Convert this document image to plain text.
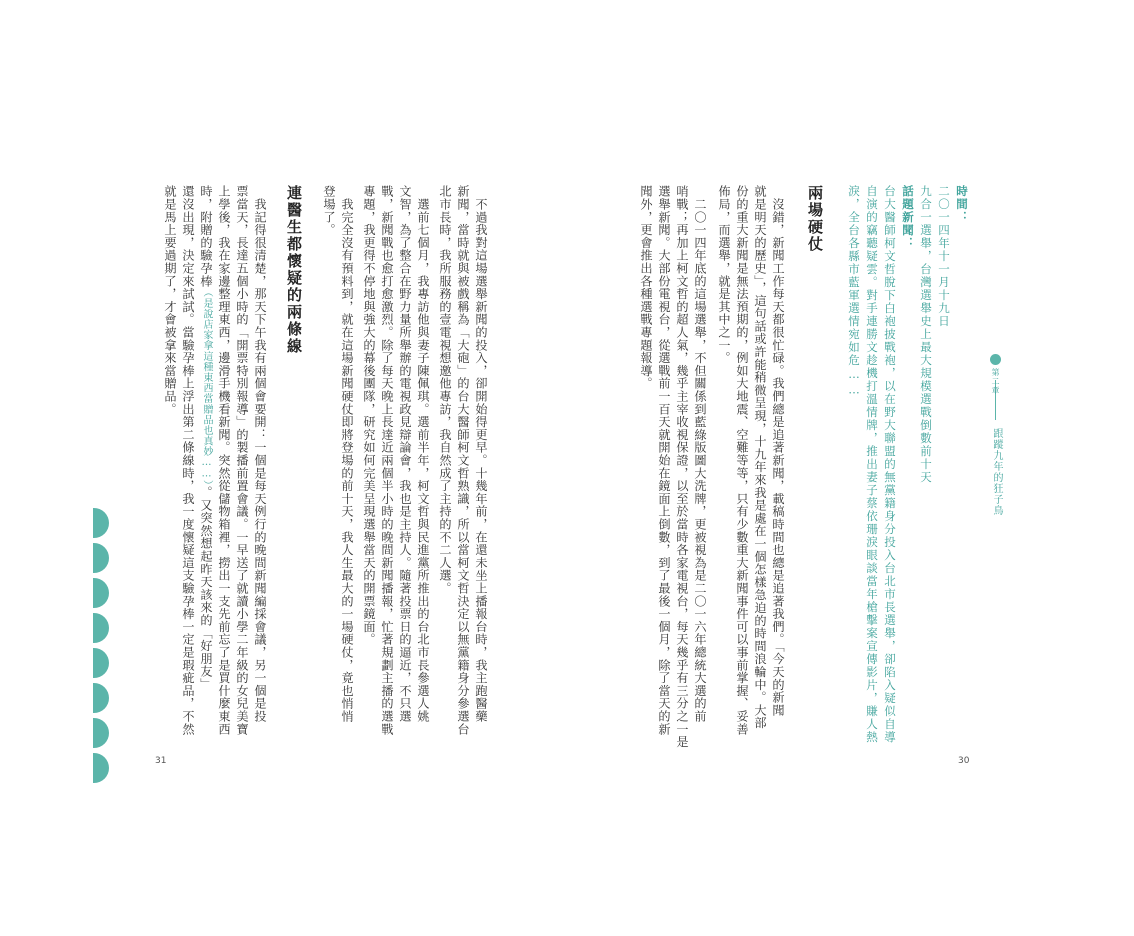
第二章
跟蹤九年的狂子鳥
時間：
二〇一四年十一月十九日
九合一選舉，台灣選舉史上最大規模選戰倒數前十天
話題新聞：
台大醫師柯文哲脫下白袍披戰袍，以在野大聯盟的無黨籍身分投入台北市長選舉，卻陷入疑似自導
自演的竊聽疑雲。對手連勝文趁機打溫情牌，推出妻子蔡依珊淚眼談當年槍擊案宣傳影片，賺人熱
淚，全台各縣市藍軍選情宛如危……
兩場硬仗
　沒錯，新聞工作每天都很忙碌。我們總是追著新聞，載稿時間也總是追著我們。「今天的新聞
就是明天的歷史」，這句話或許能稍微呈現，十九年來我是處在一個怎樣急迫的時間浪輪中。大部
份的重大新聞是無法預期的，例如大地震、空難等等，只有少數重大新聞事件可以事前掌握、妥善
佈局，而選舉，就是其中之一。
　二〇一四年底的這場選舉，不但關係到藍綠版圖大洗牌，更被視為是二〇一六年總統大選的前
哨戰；再加上柯文哲的超人氣，幾乎主宰收視保證，以至於當時各家電視台，每天幾乎有三分之一是
選舉新聞。大部份電視台，從選戰前一百天就開始在鏡面上倒數，到了最後一個月，除了當天的新
聞外，更會推出各種選戰專題報導。
30
　不過我對這場選舉新聞的投入，卻開始得更早。十幾年前，在還未坐上播報台時，我主跑醫藥
新聞，當時就與被戲稱為「大砲」的台大醫師柯文哲熟識，所以當柯文哲決定以無黨籍身分參選台
北市長時，我所服務的壹電視想邀他專訪，我自然成了主持的不二人選。
　選前七個月，我專訪他與妻子陳佩琪。選前半年，柯文哲與民進黨所推出的台北市長參選人姚
文智，為了整合在野力量所舉辦的電視政見辯論會，我也是主持人。隨著投票日的逼近，不只選
戰，新聞戰也愈打愈激烈。除了每天晚上長達近兩個半小時的晚間新聞播報，忙著規劃主播的選戰
專題，我更得不停地與強大的幕後團隊，研究如何完美呈現選舉當天的開票鏡面。
　我完全沒有預料到，就在這場新聞硬仗即將登場的前十天，我人生最大的一場硬仗，竟也悄悄
登場了。
連醫生都懷疑的兩條線
　我記得很清楚，那天下午我有兩個會要開：一個是每天例行的晚間新聞編採會議，另一個是投
票當天，長達五個小時的「開票特別報導」的製播前置會議。一早送了就讀小學二年級的女兒美寶
上學後，我在家邊整理東西，邊滑手機看新聞。突然從儲物箱裡，撈出一支先前忘了是買什麼東西
時，附贈的驗孕棒（是說店家拿這種東西當贈品也真妙……）。又突然想起昨天該來的「好朋友」
還沒出現，決定來試試。當驗孕棒上浮出第二條線時，我一度懷疑這支驗孕棒一定是瑕疵品，不然
就是馬上要過期了，才會被拿來當贈品。
31
